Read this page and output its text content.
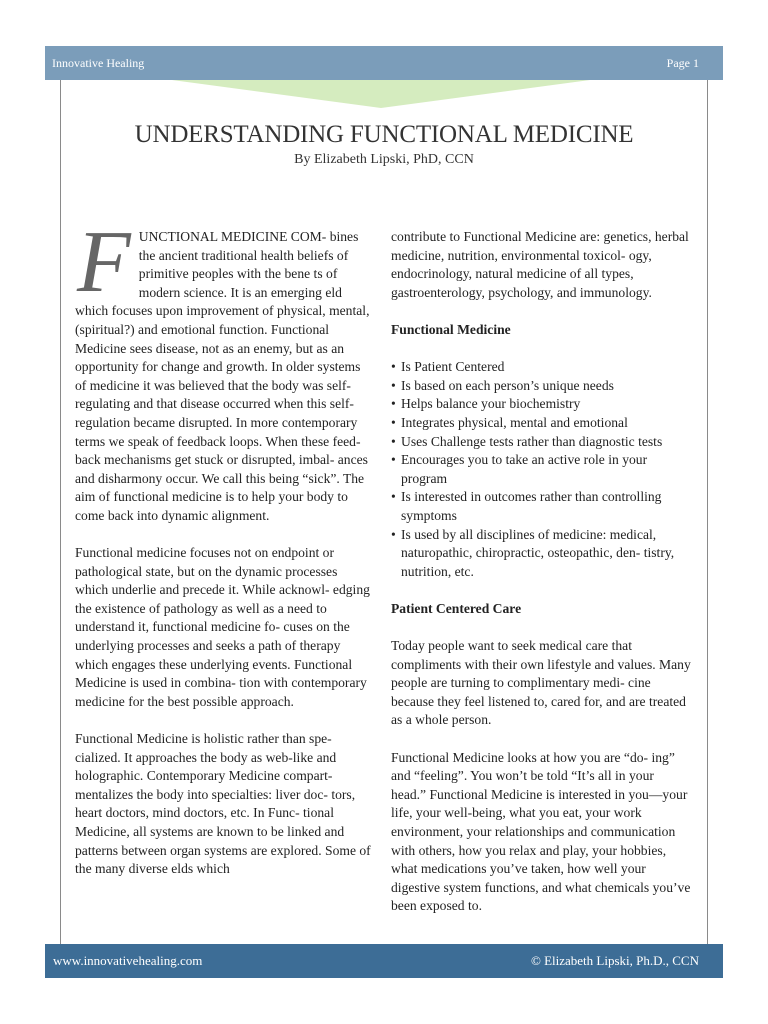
Innovative Healing	Page 1
UNDERSTANDING FUNCTIONAL MEDICINE
By Elizabeth Lipski, PhD, CCN
F UNCTIONAL MEDICINE COM- bines the ancient traditional health beliefs of primitive peoples with the bene ts of modern science. It is an emerging eld which focuses upon improvement of physical, mental, (spiritual?) and emotional function. Functional Medicine sees disease, not as an enemy, but as an opportunity for change and growth. In older systems of medicine it was believed that the body was self-regulating and that disease occurred when this self-regulation became disrupted. In more contemporary terms we speak of feedback loops. When these feed- back mechanisms get stuck or disrupted, imbal- ances and disharmony occur. We call this being “sick”. The aim of functional medicine is to help your body to come back into dynamic alignment.

Functional medicine focuses not on endpoint or pathological state, but on the dynamic processes which underlie and precede it. While acknowl- edging the existence of pathology as well as a need to understand it, functional medicine fo- cuses on the underlying processes and seeks a path of therapy which engages these underlying events. Functional Medicine is used in combina- tion with contemporary medicine for the best possible approach.

Functional Medicine is holistic rather than spe- cialized. It approaches the body as web-like and holographic. Contemporary Medicine compart- mentalizes the body into specialties: liver doc- tors, heart doctors, mind doctors, etc. In Func- tional Medicine, all systems are known to be linked and patterns between organ systems are explored. Some of the many diverse elds which

contribute to Functional Medicine are: genetics, herbal medicine, nutrition, environmental toxicol- ogy, endocrinology, natural medicine of all types, gastroenterology, psychology, and immunology.

Functional Medicine

• Is Patient Centered
• Is based on each person’s unique needs
• Helps balance your biochemistry
• Integrates physical, mental and emotional
• Uses Challenge tests rather than diagnostic tests
• Encourages you to take an active role in your program
• Is interested in outcomes rather than controlling symptoms
• Is used by all disciplines of medicine: medical, naturopathic, chiropractic, osteopathic, den- tistry, nutrition, etc.

Patient Centered Care

Today people want to seek medical care that compliments with their own lifestyle and values. Many people are turning to complimentary medi- cine because they feel listened to, cared for, and are treated as a whole person.

Functional Medicine looks at how you are “do- ing” and “feeling”. You won’t be told “It’s all in your head.” Functional Medicine is interested in you—your life, your well-being, what you eat, your work environment, your relationships and communication with others, how you relax and play, your hobbies, what medications you’ve taken, how well your digestive system functions, and what chemicals you’ve been exposed to.

www.innovativehealing.com	© Elizabeth Lipski, Ph.D., CCN
